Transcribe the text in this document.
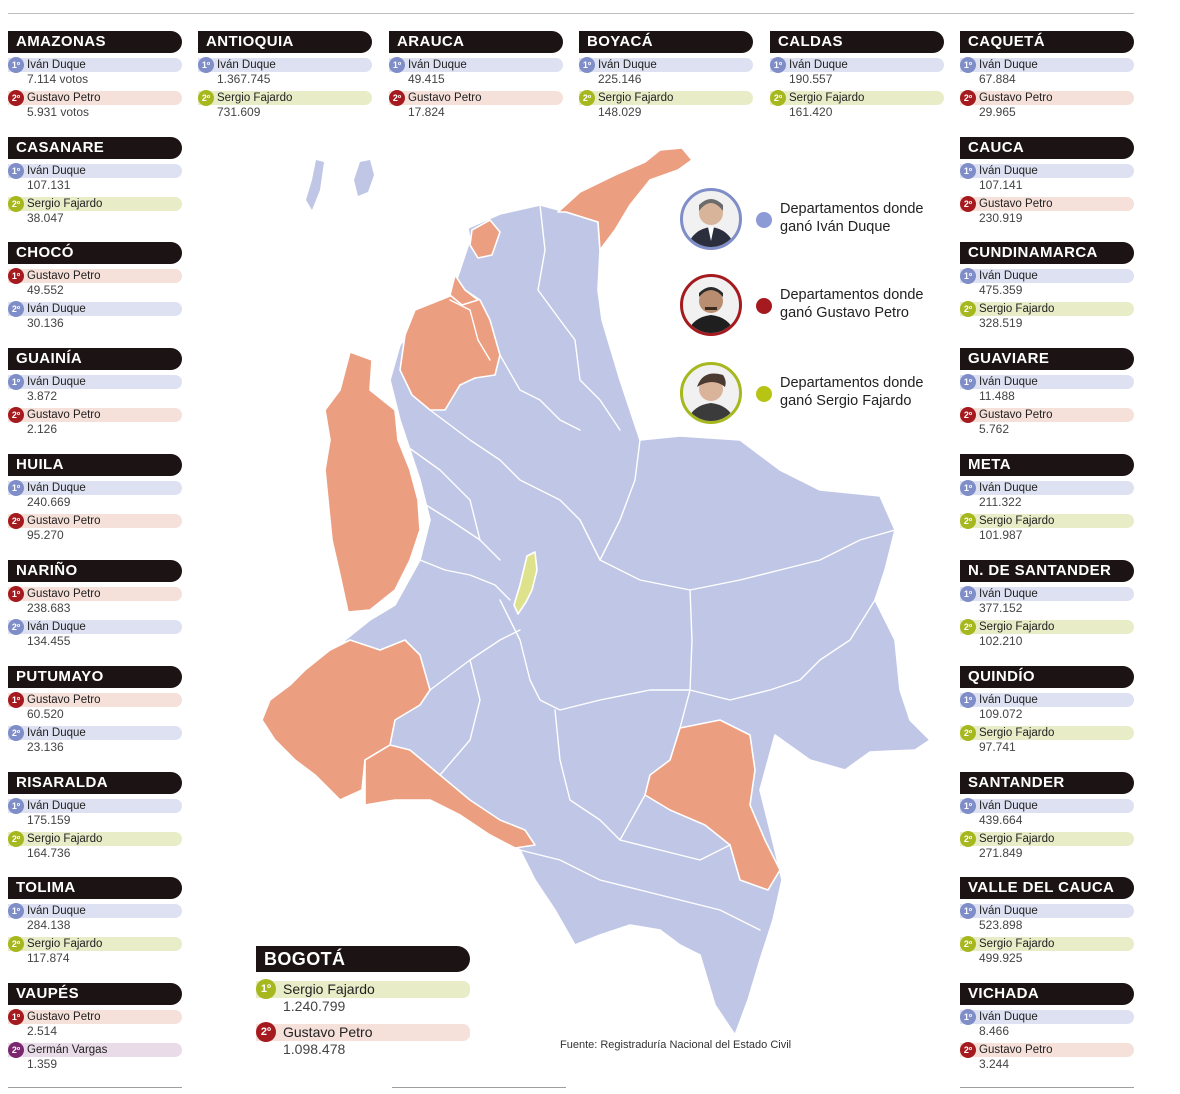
Departamentos donde
ganó Iván Duque
Departamentos donde
ganó Gustavo Petro
Departamentos donde
ganó Sergio Fajardo
AMAZONAS
1º Iván Duque
7.114 votos
2º Gustavo Petro
5.931 votos
ANTIOQUIA
1º Iván Duque
1.367.745
2º Sergio Fajardo
731.609
ARAUCA
1º Iván Duque
49.415
2º Gustavo Petro
17.824
BOYACÁ
1º Iván Duque
225.146
2º Sergio Fajardo
148.029
CALDAS
1º Iván Duque
190.557
2º Sergio Fajardo
161.420
CAQUETÁ
1º Iván Duque
67.884
2º Gustavo Petro
29.965
CASANARE
1º Iván Duque
107.131
2º Sergio Fajardo
38.047
CHOCÓ
1º Gustavo Petro
49.552
2º Iván Duque
30.136
GUAINÍA
1º Iván Duque
3.872
2º Gustavo Petro
2.126
HUILA
1º Iván Duque
240.669
2º Gustavo Petro
95.270
NARIÑO
1º Gustavo Petro
238.683
2º Iván Duque
134.455
PUTUMAYO
1º Gustavo Petro
60.520
2º Iván Duque
23.136
RISARALDA
1º Iván Duque
175.159
2º Sergio Fajardo
164.736
TOLIMA
1º Iván Duque
284.138
2º Sergio Fajardo
117.874
VAUPÉS
1º Gustavo Petro
2.514
2º Germán Vargas
1.359
CAUCA
1º Iván Duque
107.141
2º Gustavo Petro
230.919
CUNDINAMARCA
1º Iván Duque
475.359
2º Sergio Fajardo
328.519
GUAVIARE
1º Iván Duque
11.488
2º Gustavo Petro
5.762
META
1º Iván Duque
211.322
2º Sergio Fajardo
101.987
N. DE SANTANDER
1º Iván Duque
377.152
2º Sergio Fajardo
102.210
QUINDÍO
1º Iván Duque
109.072
2º Sergio Fajardo
97.741
SANTANDER
1º Iván Duque
439.664
2º Sergio Fajardo
271.849
VALLE DEL CAUCA
1º Iván Duque
523.898
2º Sergio Fajardo
499.925
VICHADA
1º Iván Duque
8.466
2º Gustavo Petro
3.244
BOGOTÁ
1º Sergio Fajardo
1.240.799
2º Gustavo Petro
1.098.478	Fuente: Registraduría Nacional del Estado Civil
